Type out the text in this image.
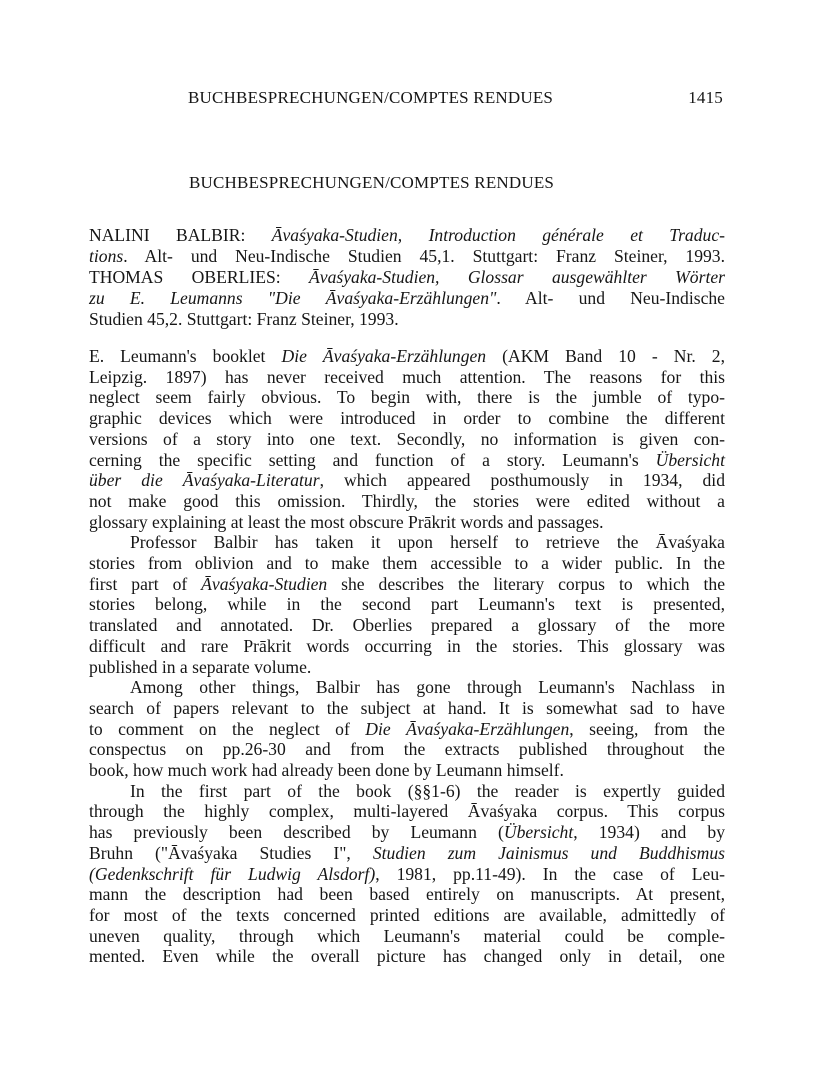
BUCHBESPRECHUNGEN/COMPTES RENDUES	1415
BUCHBESPRECHUNGEN/COMPTES RENDUES
NALINI BALBIR: Āvaśyaka-Studien, Introduction générale et Traduc-
tions. Alt- und Neu-Indische Studien 45,1. Stuttgart: Franz Steiner, 1993.
THOMAS OBERLIES: Āvaśyaka-Studien, Glossar ausgewählter Wörter
zu E. Leumanns "Die Āvaśyaka-Erzählungen". Alt- und Neu-Indische
Studien 45,2. Stuttgart: Franz Steiner, 1993.
E. Leumann's booklet Die Āvaśyaka-Erzählungen (AKM Band 10 - Nr. 2,
Leipzig. 1897) has never received much attention. The reasons for this
neglect seem fairly obvious. To begin with, there is the jumble of typo-
graphic devices which were introduced in order to combine the different
versions of a story into one text. Secondly, no information is given con-
cerning the specific setting and function of a story. Leumann's Übersicht
über die Āvaśyaka-Literatur, which appeared posthumously in 1934, did
not make good this omission. Thirdly, the stories were edited without a
glossary explaining at least the most obscure Prākrit words and passages.
Professor Balbir has taken it upon herself to retrieve the Āvaśyaka
stories from oblivion and to make them accessible to a wider public. In the
first part of Āvaśyaka-Studien she describes the literary corpus to which the
stories belong, while in the second part Leumann's text is presented,
translated and annotated. Dr. Oberlies prepared a glossary of the more
difficult and rare Prākrit words occurring in the stories. This glossary was
published in a separate volume.
Among other things, Balbir has gone through Leumann's Nachlass in
search of papers relevant to the subject at hand. It is somewhat sad to have
to comment on the neglect of Die Āvaśyaka-Erzählungen, seeing, from the
conspectus on pp.26-30 and from the extracts published throughout the
book, how much work had already been done by Leumann himself.
In the first part of the book (§§1-6) the reader is expertly guided
through the highly complex, multi-layered Āvaśyaka corpus. This corpus
has previously been described by Leumann (Übersicht, 1934) and by
Bruhn ("Āvaśyaka Studies I", Studien zum Jainismus und Buddhismus
(Gedenkschrift für Ludwig Alsdorf), 1981, pp.11-49). In the case of Leu-
mann the description had been based entirely on manuscripts. At present,
for most of the texts concerned printed editions are available, admittedly of
uneven quality, through which Leumann's material could be comple-
mented. Even while the overall picture has changed only in detail, one
